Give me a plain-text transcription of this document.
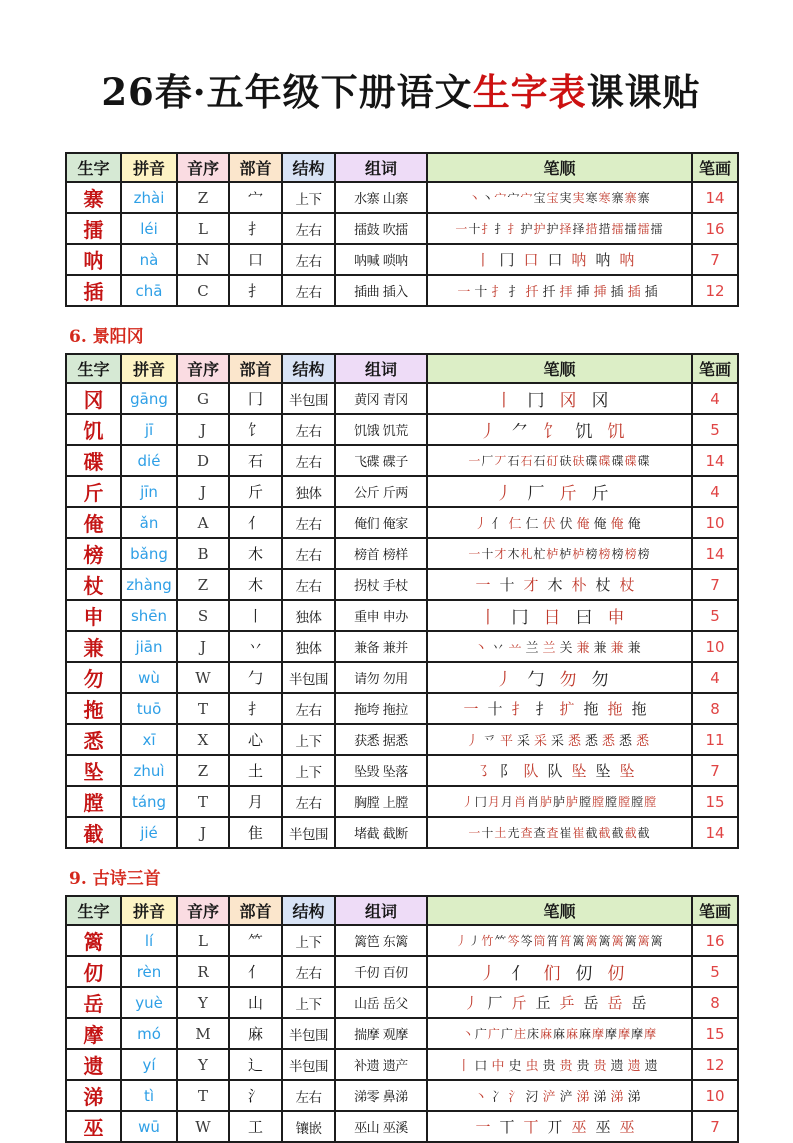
26春·五年级下册语文生字表课课贴
生字	拼音	音序	部首	结构	组词	笔顺	笔画
寨	zhài	Z	宀	上下	水寨 山寨	丶丶宀宀宀宝宝実実寒寒寨寨寨	14
擂	léi	L	扌	左右	擂鼓 吹擂	一十扌扌扌护护护择择措措擂擂擂擂	16
呐	nà	N	口	左右	呐喊 唢呐	丨 冂 口 口 呐 呐 呐	7
插	chā	C	扌	左右	插曲 插入	一 十 扌 扌 扦 扦 拝 挿 挿 插 插 插	12
6. 景阳冈
生字	拼音	音序	部首	结构	组词	笔顺	笔画
冈	gāng	G	冂	半包围	黄冈 青冈	丨 冂 冈 冈	4
饥	jī	J	饣	左右	饥饿 饥荒	丿 ⺈ 饣 饥 饥	5
碟	dié	D	石	左右	飞碟 碟子	一厂丆石石石矴砆砆碟碟碟碟碟	14
斤	jīn	J	斤	独体	公斤 斤两	丿 厂 斤 斤	4
俺	ǎn	A	亻	左右	俺们 俺家	丿 亻 仁 仁 伏 伏 俺 俺 俺 俺	10
榜	bǎng	B	木	左右	榜首 榜样	一十才木札杧栌栌栌榜榜榜榜榜	14
杖	zhàng	Z	木	左右	拐杖 手杖	一 十 才 木 朴 杖 杖	7
申	shēn	S	丨	独体	重申 申办	丨 冂 日 曰 申	5
兼	jiān	J	丷	独体	兼备 兼并	丶 丷 䒑 兰 兰 关 兼 兼 兼 兼	10
勿	wù	W	勹	半包围	请勿 勿用	丿 勹 勿 勿	4
拖	tuō	T	扌	左右	拖垮 拖拉	一 十 扌 扌 扩 拖 拖 拖	8
悉	xī	X	心	上下	获悉 据悉	丿 乊 平 采 采 采 悉 悉 悉 悉 悉	11
坠	zhuì	Z	土	上下	坠毁 坠落	㇌ 阝 队 队 坠 坠 坠	7
膛	táng	T	月	左右	胸膛 上膛	丿冂月月肖肖胪胪胪膛膛膛膛膛膛	15
截	jié	J	隹	半包围	堵截 截断	一十土圥查查査崔崔截截截截截	14
9. 古诗三首
生字	拼音	音序	部首	结构	组词	笔顺	笔画
篱	lí	L	⺮	上下	篱笆 东篱	丿㇓竹⺮笒笒筒筲筲篱篱篱篱篱篱篱	16
仞	rèn	R	亻	左右	千仞 百仞	丿 亻 们 仞 仞	5
岳	yuè	Y	山	上下	山岳 岳父	丿 厂 斤 丘 乒 岳 岳 岳	8
摩	mó	M	麻	半包围	揣摩 观摩	丶广广广庄床麻麻麻麻摩摩摩摩摩	15
遗	yí	Y	辶	半包围	补遗 遗产	丨 口 中 史 虫 贵 贵 贵 贵 遗 遗 遗	12
涕	tì	T	氵	左右	涕零 鼻涕	丶 冫 氵 汈 浐 浐 涕 涕 涕 涕	10
巫	wū	W	工	镶嵌	巫山 巫溪	一 丅 丅 丌 巫 巫 巫	7
